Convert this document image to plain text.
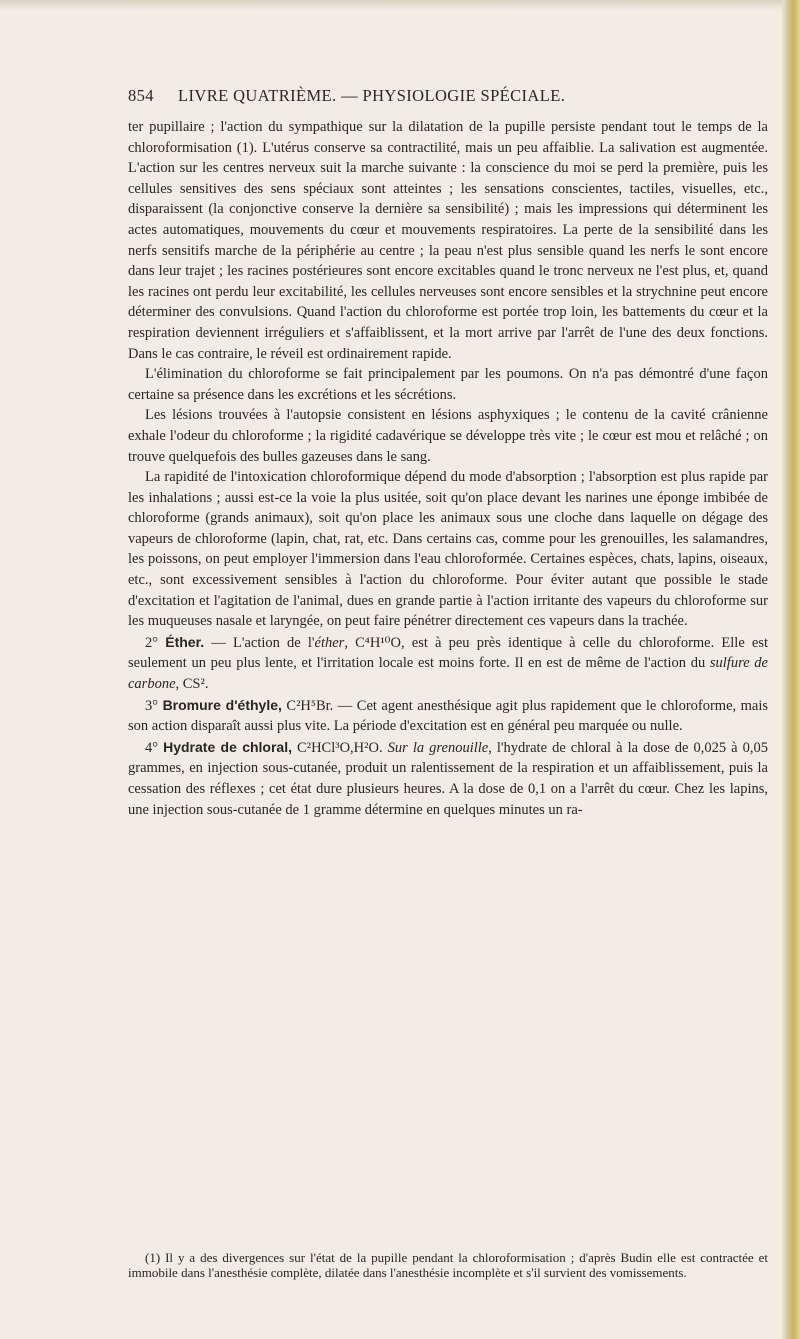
854 LIVRE QUATRIÈME. — PHYSIOLOGIE SPÉCIALE.

ter pupillaire ; l'action du sympathique sur la dilatation de la pupille persiste pendant tout le temps de la chloroformisation (1). L'utérus conserve sa contractilité, mais un peu affaiblie. La salivation est augmentée. L'action sur les centres nerveux suit la marche suivante : la conscience du moi se perd la première, puis les cellules sensitives des sens spéciaux sont atteintes ; les sensations conscientes, tactiles, visuelles, etc., disparaissent (la conjonctive conserve la dernière sa sensibilité) ; mais les impressions qui déterminent les actes automatiques, mouvements du cœur et mouvements respiratoires. La perte de la sensibilité dans les nerfs sensitifs marche de la périphérie au centre ; la peau n'est plus sensible quand les nerfs le sont encore dans leur trajet ; les racines postérieures sont encore excitables quand le tronc nerveux ne l'est plus, et, quand les racines ont perdu leur excitabilité, les cellules nerveuses sont encore sensibles et la strychnine peut encore déterminer des convulsions. Quand l'action du chloroforme est portée trop loin, les battements du cœur et la respiration deviennent irréguliers et s'affaiblissent, et la mort arrive par l'arrêt de l'une des deux fonctions. Dans le cas contraire, le réveil est ordinairement rapide.

L'élimination du chloroforme se fait principalement par les poumons. On n'a pas démontré d'une façon certaine sa présence dans les excrétions et les sécrétions.

Les lésions trouvées à l'autopsie consistent en lésions asphyxiques ; le contenu de la cavité crânienne exhale l'odeur du chloroforme ; la rigidité cadavérique se développe très vite ; le cœur est mou et relâché ; on trouve quelquefois des bulles gazeuses dans le sang.

La rapidité de l'intoxication chloroformique dépend du mode d'absorption ; l'absorption est plus rapide par les inhalations ; aussi est-ce la voie la plus usitée, soit qu'on place devant les narines une éponge imbibée de chloroforme (grands animaux), soit qu'on place les animaux sous une cloche dans laquelle on dégage des vapeurs de chloroforme (lapin, chat, rat, etc. Dans certains cas, comme pour les grenouilles, les salamandres, les poissons, on peut employer l'immersion dans l'eau chloroformée. Certaines espèces, chats, lapins, oiseaux, etc., sont excessivement sensibles à l'action du chloroforme. Pour éviter autant que possible le stade d'excitation et l'agitation de l'animal, dues en grande partie à l'action irritante des vapeurs du chloroforme sur les muqueuses nasale et laryngée, on peut faire pénétrer directement ces vapeurs dans la trachée.

2° Éther. — L'action de l'éther, C⁴H¹⁰O, est à peu près identique à celle du chloroforme. Elle est seulement un peu plus lente, et l'irritation locale est moins forte. Il en est de même de l'action du sulfure de carbone, CS².

3° Bromure d'éthyle, C²H⁵Br. — Cet agent anesthésique agit plus rapidement que le chloroforme, mais son action disparaît aussi plus vite. La période d'excitation est en général peu marquée ou nulle.

4° Hydrate de chloral, C²HCl³O,H²O. Sur la grenouille, l'hydrate de chloral à la dose de 0,025 à 0,05 grammes, en injection sous-cutanée, produit un ralentissement de la respiration et un affaiblissement, puis la cessation des réflexes ; cet état dure plusieurs heures. A la dose de 0,1 on a l'arrêt du cœur. Chez les lapins, une injection sous-cutanée de 1 gramme détermine en quelques minutes un ra-

(1) Il y a des divergences sur l'état de la pupille pendant la chloroformisation ; d'après Budin elle est contractée et immobile dans l'anesthésie complète, dilatée dans l'anesthésie incomplète et s'il survient des vomissements.
